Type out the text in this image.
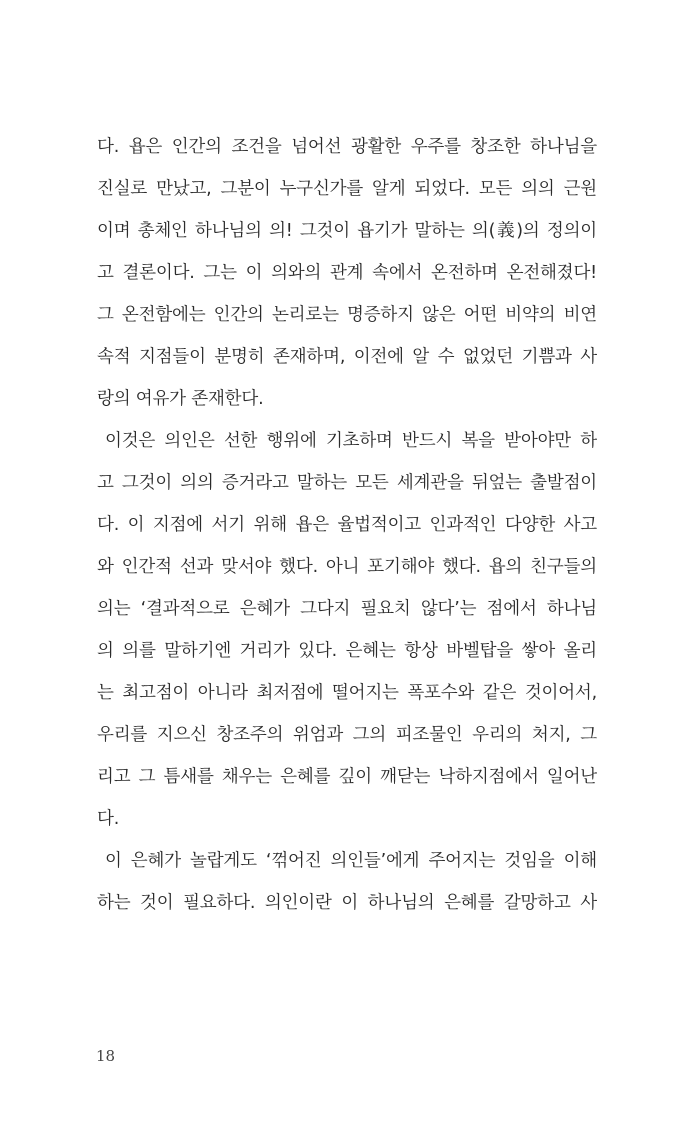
다. 욥은 인간의 조건을 넘어선 광활한 우주를 창조한 하나님을
진실로 만났고, 그분이 누구신가를 알게 되었다. 모든 의의 근원
이며 총체인 하나님의 의! 그것이 욥기가 말하는 의(義)의 정의이
고 결론이다. 그는 이 의와의 관계 속에서 온전하며 온전해졌다!
그 온전함에는 인간의 논리로는 명증하지 않은 어떤 비약의 비연
속적 지점들이 분명히 존재하며, 이전에 알 수 없었던 기쁨과 사
랑의 여유가 존재한다.
이것은 의인은 선한 행위에 기초하며 반드시 복을 받아야만 하
고 그것이 의의 증거라고 말하는 모든 세계관을 뒤엎는 출발점이
다. 이 지점에 서기 위해 욥은 율법적이고 인과적인 다양한 사고
와 인간적 선과 맞서야 했다. 아니 포기해야 했다. 욥의 친구들의
의는 ‘결과적으로 은혜가 그다지 필요치 않다’는 점에서 하나님
의 의를 말하기엔 거리가 있다. 은혜는 항상 바벨탑을 쌓아 올리
는 최고점이 아니라 최저점에 떨어지는 폭포수와 같은 것이어서,
우리를 지으신 창조주의 위엄과 그의 피조물인 우리의 처지, 그
리고 그 틈새를 채우는 은혜를 깊이 깨닫는 낙하지점에서 일어난
다.
이 은혜가 놀랍게도 ‘꺾어진 의인들’에게 주어지는 것임을 이해
하는 것이 필요하다. 의인이란 이 하나님의 은혜를 갈망하고 사
18
